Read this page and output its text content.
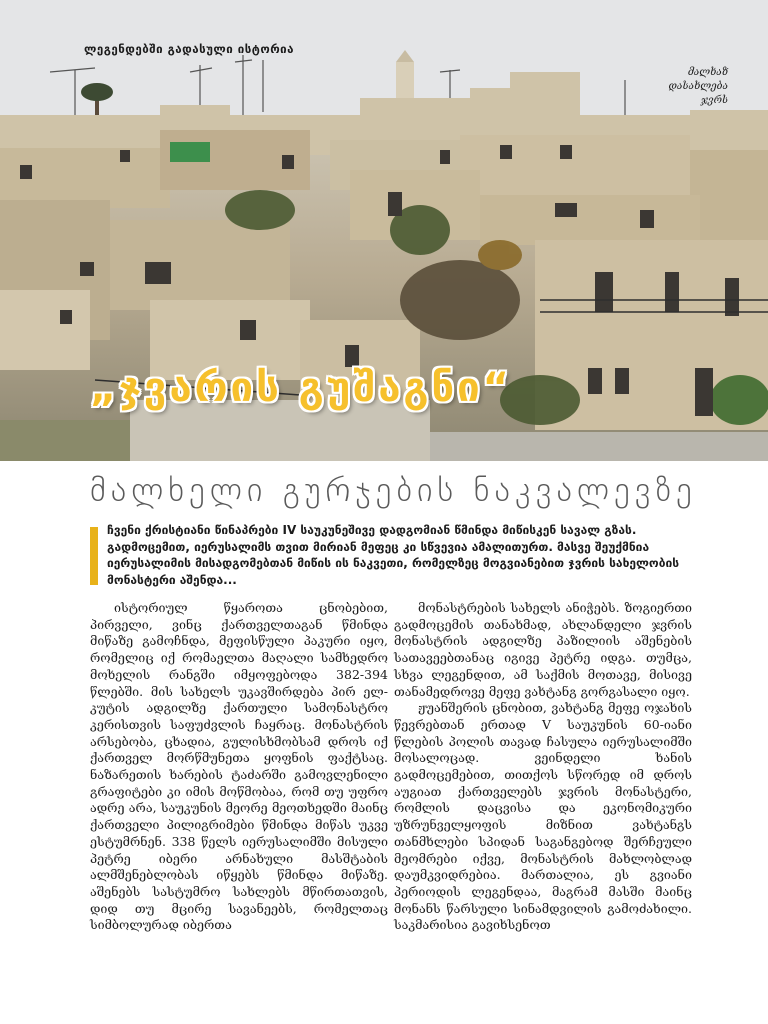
ლეგენდებში გადასული ისტორია
მალხაზ
დასახლება
ჯვრს
„ჯვარის გუშაგნი“
მალხელი გურჯების ნაკვალევზე
ჩვენი ქრისტიანი წინაპრები IV საუკუნეშივე დადგომიან წმინდა მიწისკენ სავალ გზას. გადმოცემით, იერუსალიმს თვით მირიან მეფეც კი სწვევია ამალითურთ. მასვე შეუქმნია იერუსალიმის მისადგომებთან მიწის ის ნაკვეთი, რომელზეც მოგვიანებით ჯვრის სახელობის მონასტერი აშენდა...

ისტორიულ წყაროთა ცნობებით, პირველი, ვინც ქართველთაგან წმინდა მიწაზე გამოჩნდა, მეფისწული პაკური იყო, რომელიც იქ რომაელთა მაღალი სამხედრო მოხელის რანგში იმყოფებოდა 382-394 წლებში. მის სახელს უკავშირდება პირ ელ-კუტის ადგილზე ქართული სამონასტრო კერისთვის საფუძვლის ჩაყრაც. მონასტრის არსებობა, ცხადია, გულისხმობსამ დროს იქ ქართველ მორწმუნეთა ყოფნის ფაქტსაც. ნაზარეთის ხარების ტაძარში გამოვლენილი გრაფიტები კი იმის მოწმობაა, რომ თუ უფრო ადრე არა, საუკუნის მეორე მეოთხედში მაინც ქართველი პილიგრიმები წმინდა მიწას უკვე ესტუმრნენ. 338 წელს იერუსალიმში მისული პეტრე იბერი არნახული მასშტაბის ალმშენებლობას იწყებს წმინდა მიწაზე. აშენებს სასტუმრო სახლებს მწირთათვის, დიდ თუ მცირე სავანეებს, რომელთაც სიმბოლურად იბერთა

მონასტრების სახელს ანიჭებს. ზოგიერთი გადმოცემის თანახმად, ახლანდელი ჯვრის მონასტრის ადგილზე პაზილიის აშენების სათავეებთანაც იგივე პეტრე იდგა. თუმცა, სხვა ლეგენდით, ამ საქმის მოთავე, მისივე თანამედროვე მეფე ვახტანგ გორგასალი იყო.

ჟუანშერის ცნობით, ვახტანგ მეფე ოჯახის წევრებთან ერთად V საუკუნის 60-იანი წლების პოლის თავად ჩასულა იერუსალიმში მოსალოცად. ვეინდელი ხანის გადმოცემებით, თითქოს სწორედ იმ დროს აუგიათ ქართველებს ჯვრის მონასტერი, რომლის დაცვისა და ეკონომიკური უზრუნველყოფის მიზნით ვახტანგს თანმხლები სპიდან საგანგებოდ შერჩეული მეომრები იქვე, მონასტრის მახლობლად დაუმკვიდრებია. მართალია, ეს გვიანი პერიოდის ლეგენდაა, მაგრამ მასში მაინც მონანს წარსული სინამდვილის გამოძახილი. საკმარისია გავიხსენოთ
